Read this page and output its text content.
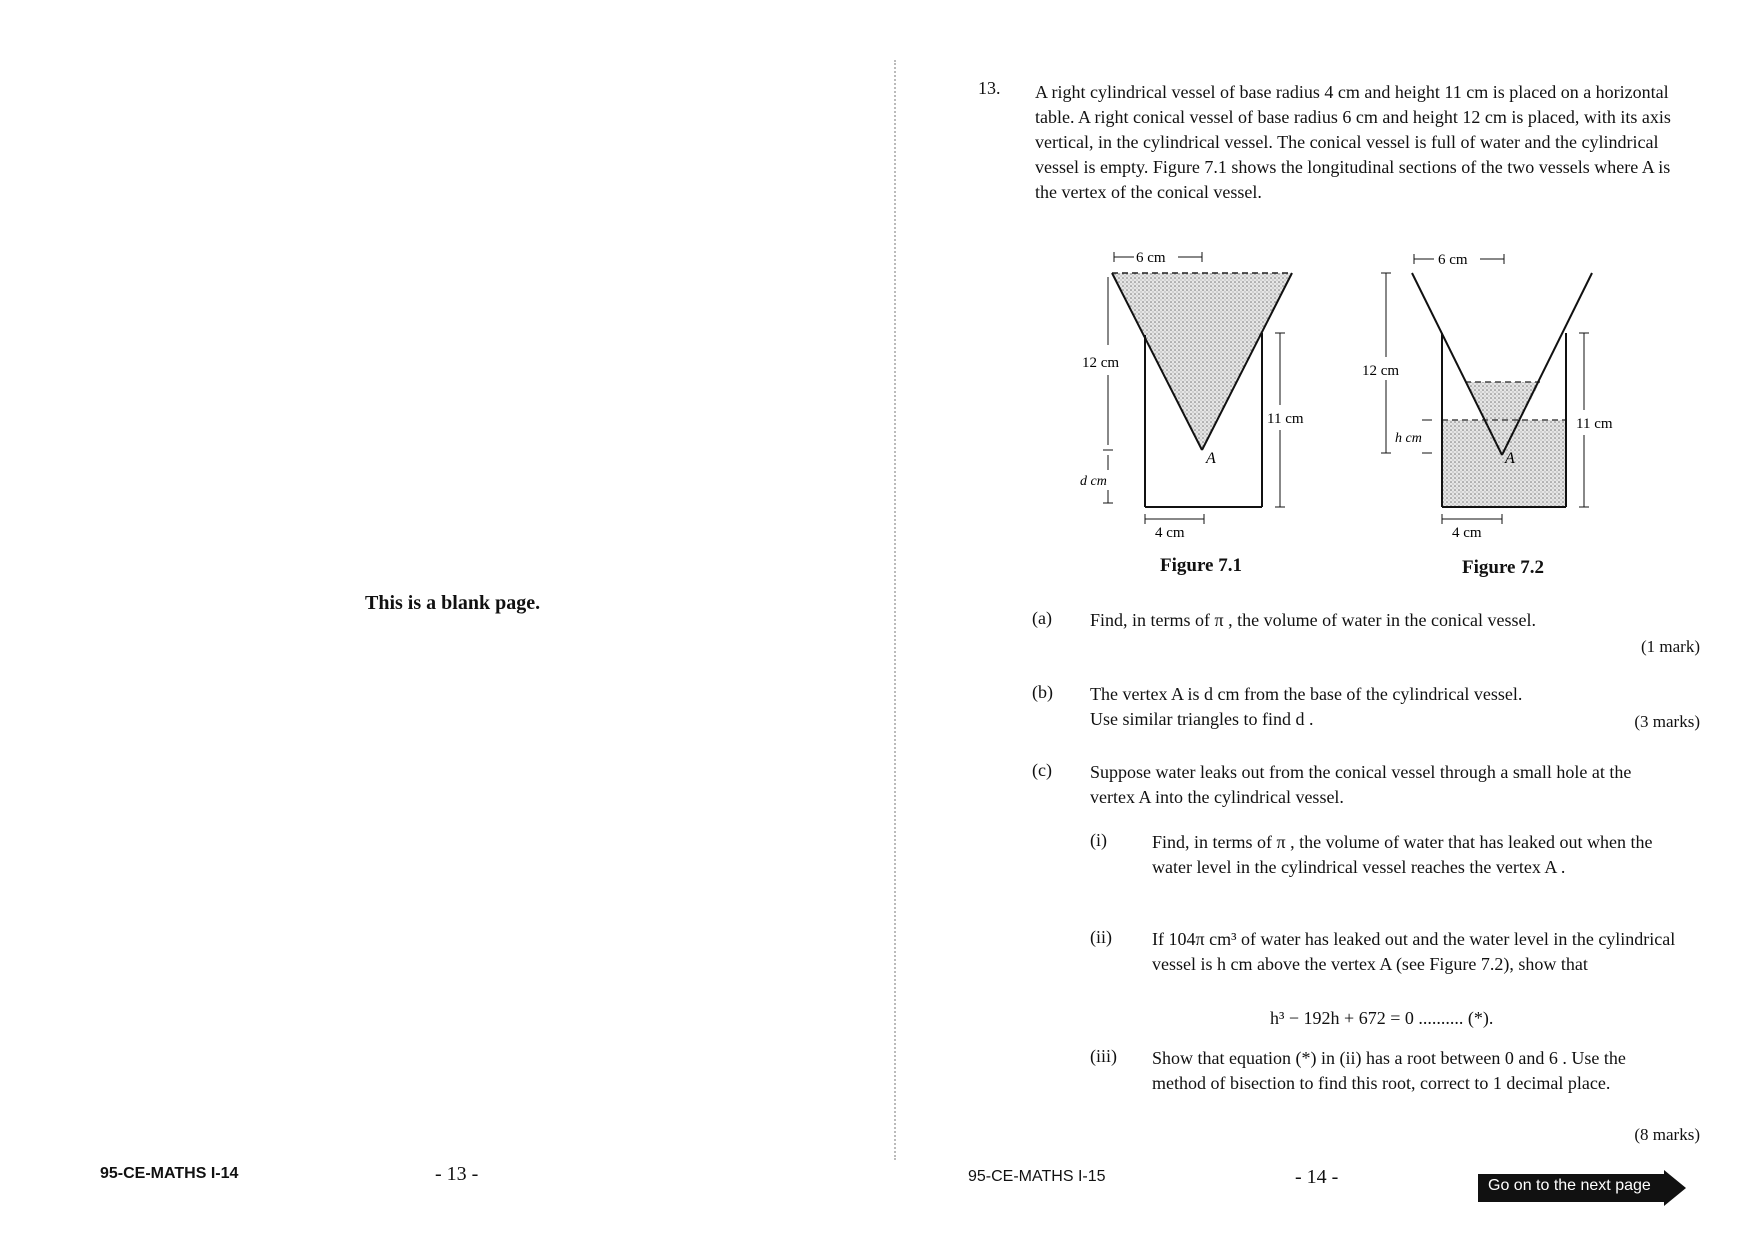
This is a blank page.
95-CE-MATHS I-14	- 13 -
13. A right cylindrical vessel of base radius 4 cm and height 11 cm is placed on a horizontal table. A right conical vessel of base radius 6 cm and height 12 cm is placed, with its axis vertical, in the cylindrical vessel. The conical vessel is full of water and the cylindrical vessel is empty. Figure 7.1 shows the longitudinal sections of the two vessels where A is the vertex of the conical vessel.
6 cm
12 cm
d cm
11 cm
A
4 cm
Figure 7.1
6 cm
12 cm
h cm
11 cm
A
4 cm
Figure 7.2
(a) Find, in terms of π , the volume of water in the conical vessel.
(1 mark)
(b) The vertex A is d cm from the base of the cylindrical vessel.
Use similar triangles to find d .	(3 marks)
(c) Suppose water leaks out from the conical vessel through a small hole at the vertex A into the cylindrical vessel.
(i)	Find, in terms of π , the volume of water that has leaked out when the water level in the cylindrical vessel reaches the vertex A .
(ii) If 104π cm³ of water has leaked out and the water level in the cylindrical vessel is h cm above the vertex A (see Figure 7.2), show that
h³ − 192h + 672 = 0 .......... (*).
(iii) Show that equation (*) in (ii) has a root between 0 and 6 . Use the method of bisection to find this root, correct to 1 decimal place.
(8 marks)
95-CE-MATHS I-15	- 14 -	Go on to the next page
